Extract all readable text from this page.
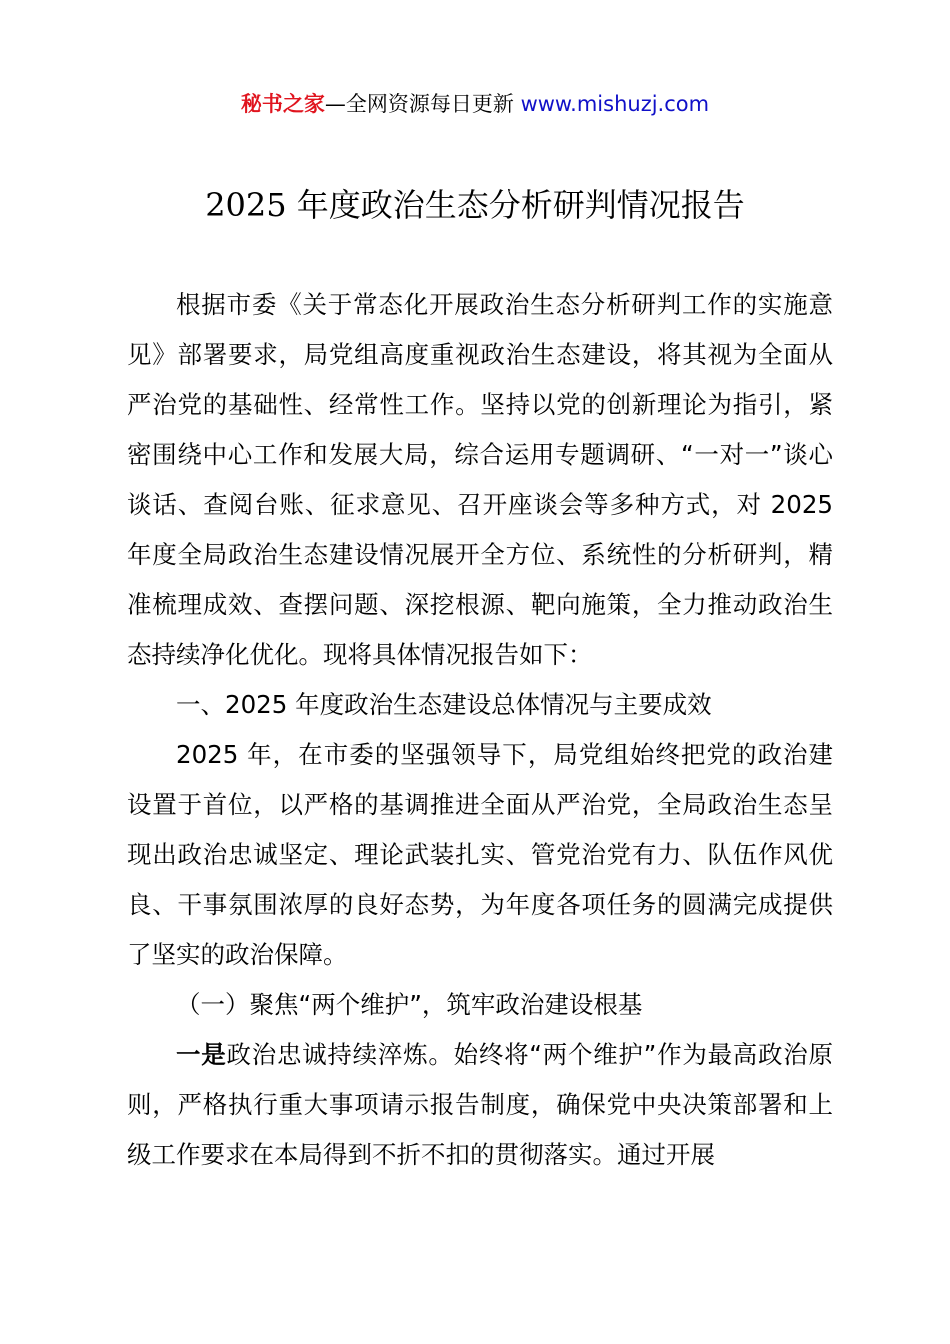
秘书之家—全网资源每日更新 www.mishuzj.com
2025 年度政治生态分析研判情况报告

根据市委《关于常态化开展政治生态分析研判工作的实施意见》部署要求，局党组高度重视政治生态建设，将其视为全面从严治党的基础性、经常性工作。坚持以党的创新理论为指引，紧密围绕中心工作和发展大局，综合运用专题调研、“一对一”谈心谈话、查阅台账、征求意见、召开座谈会等多种方式，对 2025 年度全局政治生态建设情况展开全方位、系统性的分析研判，精准梳理成效、查摆问题、深挖根源、靶向施策，全力推动政治生态持续净化优化。现将具体情况报告如下：

一、2025 年度政治生态建设总体情况与主要成效

2025 年，在市委的坚强领导下，局党组始终把党的政治建设置于首位，以严格的基调推进全面从严治党，全局政治生态呈现出政治忠诚坚定、理论武装扎实、管党治党有力、队伍作风优良、干事氛围浓厚的良好态势，为年度各项任务的圆满完成提供了坚实的政治保障。

（一）聚焦“两个维护”，筑牢政治建设根基

一是政治忠诚持续淬炼。始终将“两个维护”作为最高政治原则，严格执行重大事项请示报告制度，确保党中央决策部署和上级工作要求在本局得到不折不扣的贯彻落实。通过开展
